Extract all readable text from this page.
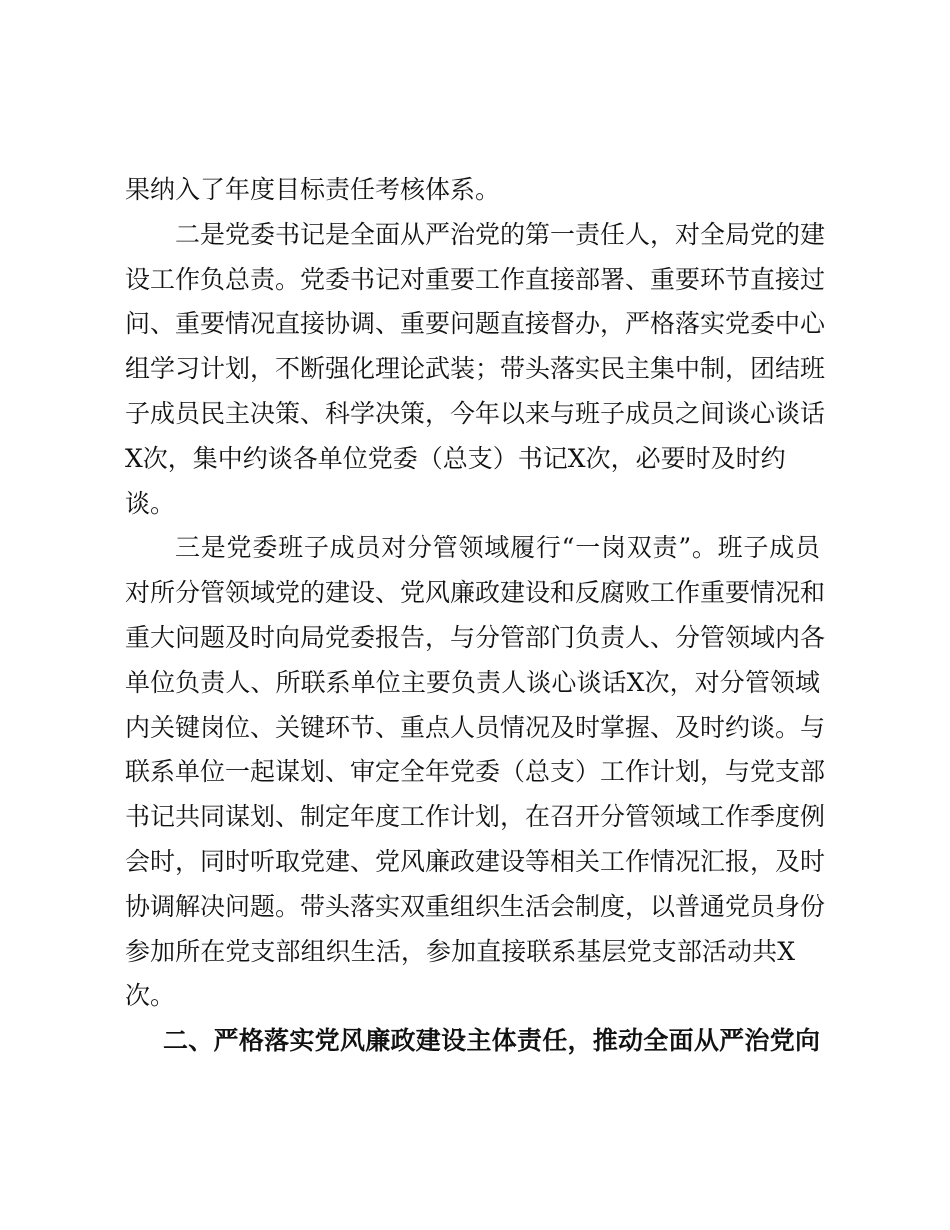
果纳入了年度目标责任考核体系。
二是党委书记是全面从严治党的第一责任人，对全局党的建
设工作负总责。党委书记对重要工作直接部署、重要环节直接过
问、重要情况直接协调、重要问题直接督办，严格落实党委中心
组学习计划，不断强化理论武装；带头落实民主集中制，团结班
子成员民主决策、科学决策，今年以来与班子成员之间谈心谈话
X次，集中约谈各单位党委（总支）书记X次，必要时及时约
谈。
三是党委班子成员对分管领域履行“一岗双责”。班子成员
对所分管领域党的建设、党风廉政建设和反腐败工作重要情况和
重大问题及时向局党委报告，与分管部门负责人、分管领域内各
单位负责人、所联系单位主要负责人谈心谈话X次，对分管领域
内关键岗位、关键环节、重点人员情况及时掌握、及时约谈。与
联系单位一起谋划、审定全年党委（总支）工作计划，与党支部
书记共同谋划、制定年度工作计划，在召开分管领域工作季度例
会时，同时听取党建、党风廉政建设等相关工作情况汇报，及时
协调解决问题。带头落实双重组织生活会制度，以普通党员身份
参加所在党支部组织生活，参加直接联系基层党支部活动共X
次。
二、严格落实党风廉政建设主体责任，推动全面从严治党向
